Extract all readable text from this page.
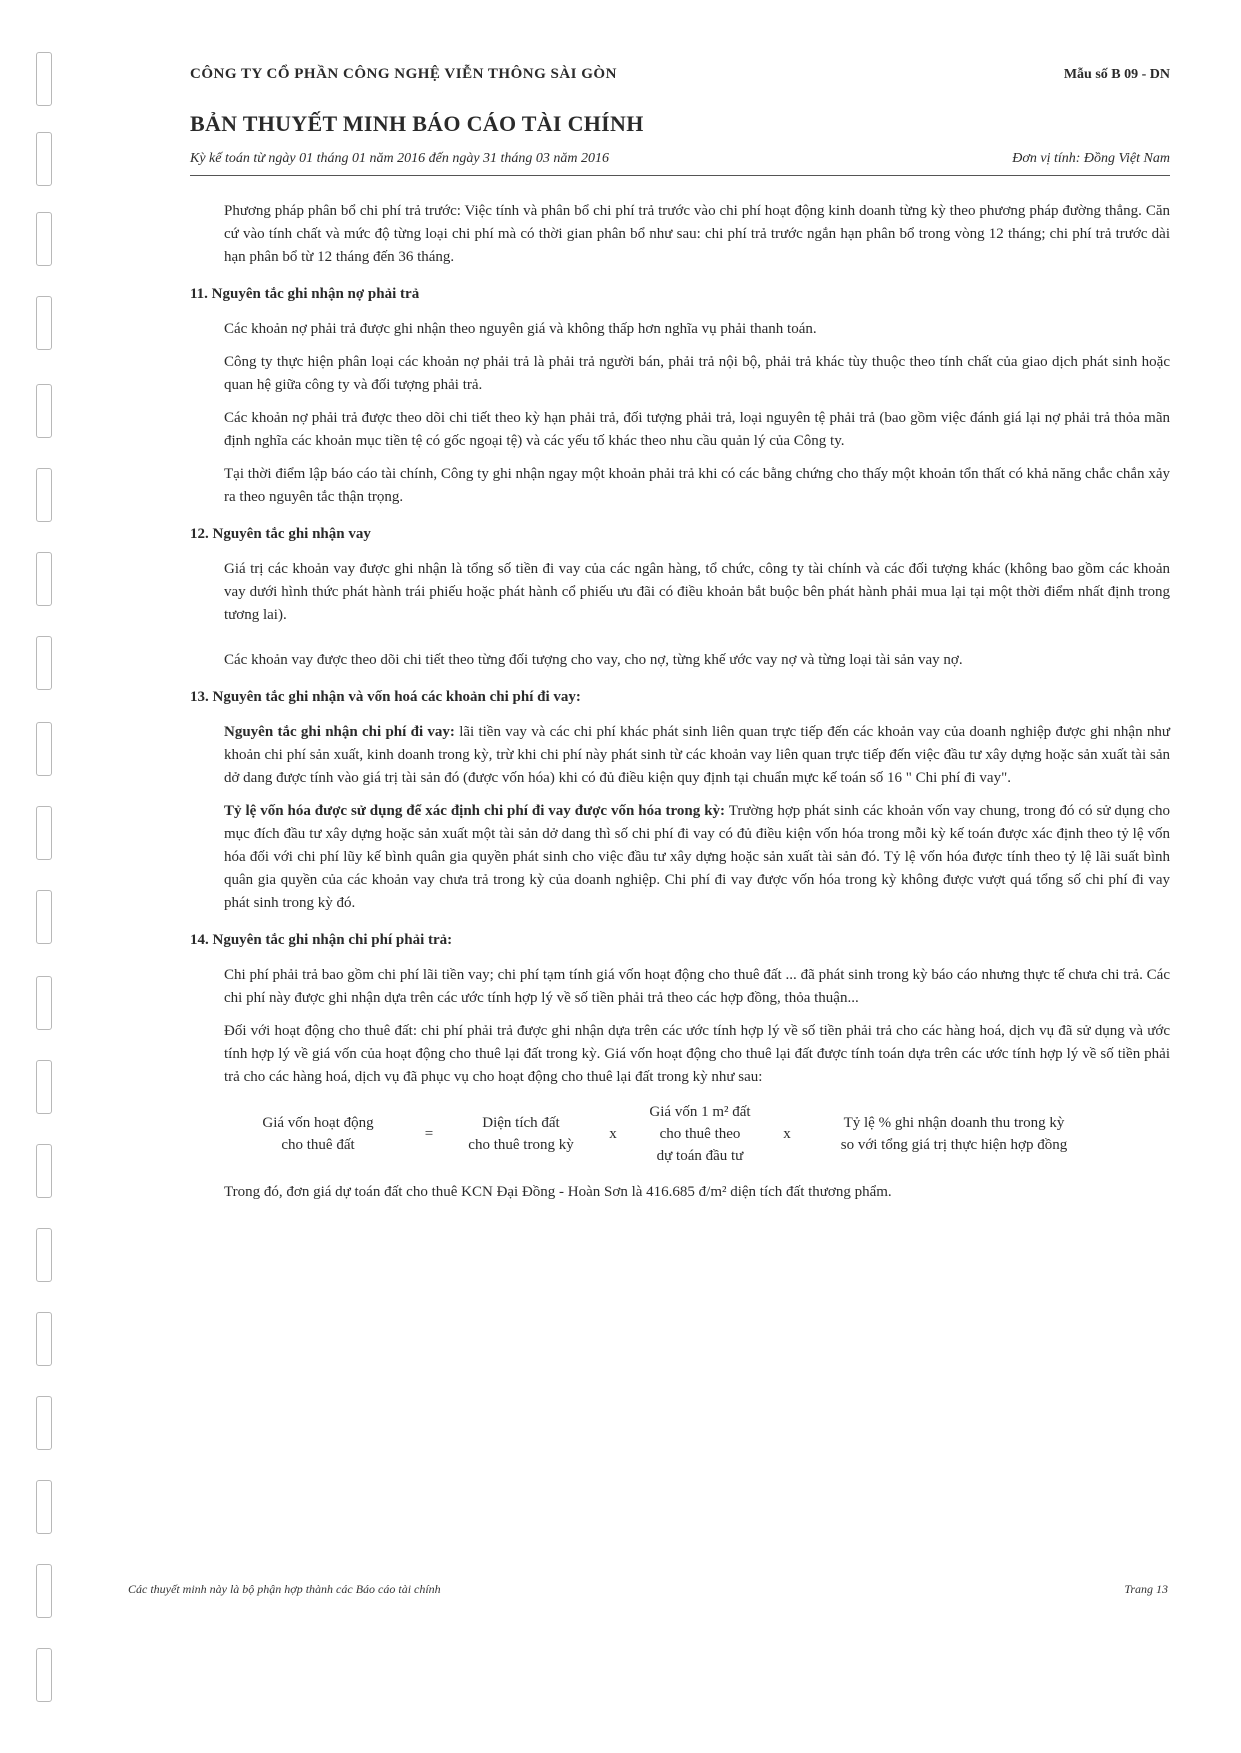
CÔNG TY CỔ PHẦN CÔNG NGHỆ VIỄN THÔNG SÀI GÒN	Mẫu số B 09 - DN
BẢN THUYẾT MINH BÁO CÁO TÀI CHÍNH
Kỳ kế toán từ ngày 01 tháng 01 năm 2016 đến ngày 31 tháng 03 năm 2016	Đơn vị tính: Đồng Việt Nam

Phương pháp phân bổ chi phí trả trước: Việc tính và phân bổ chi phí trả trước vào chi phí hoạt động kinh doanh từng kỳ theo phương pháp đường thẳng. Căn cứ vào tính chất và mức độ từng loại chi phí mà có thời gian phân bổ như sau: chi phí trả trước ngắn hạn phân bổ trong vòng 12 tháng; chi phí trả trước dài hạn phân bổ từ 12 tháng đến 36 tháng.

11. Nguyên tắc ghi nhận nợ phải trả

Các khoản nợ phải trả được ghi nhận theo nguyên giá và không thấp hơn nghĩa vụ phải thanh toán.

Công ty thực hiện phân loại các khoản nợ phải trả là phải trả người bán, phải trả nội bộ, phải trả khác tùy thuộc theo tính chất của giao dịch phát sinh hoặc quan hệ giữa công ty và đối tượng phải trả.

Các khoản nợ phải trả được theo dõi chi tiết theo kỳ hạn phải trả, đối tượng phải trả, loại nguyên tệ phải trả (bao gồm việc đánh giá lại nợ phải trả thỏa mãn định nghĩa các khoản mục tiền tệ có gốc ngoại tệ) và các yếu tố khác theo nhu cầu quản lý của Công ty.

Tại thời điểm lập báo cáo tài chính, Công ty ghi nhận ngay một khoản phải trả khi có các bằng chứng cho thấy một khoản tổn thất có khả năng chắc chắn xảy ra theo nguyên tắc thận trọng.

12. Nguyên tắc ghi nhận vay

Giá trị các khoản vay được ghi nhận là tổng số tiền đi vay của các ngân hàng, tổ chức, công ty tài chính và các đối tượng khác (không bao gồm các khoản vay dưới hình thức phát hành trái phiếu hoặc phát hành cổ phiếu ưu đãi có điều khoản bắt buộc bên phát hành phải mua lại tại một thời điểm nhất định trong tương lai).

Các khoản vay được theo dõi chi tiết theo từng đối tượng cho vay, cho nợ, từng khế ước vay nợ và từng loại tài sản vay nợ.

13. Nguyên tắc ghi nhận và vốn hoá các khoản chi phí đi vay:

Nguyên tắc ghi nhận chi phí đi vay: lãi tiền vay và các chi phí khác phát sinh liên quan trực tiếp đến các khoản vay của doanh nghiệp được ghi nhận như khoản chi phí sản xuất, kinh doanh trong kỳ, trừ khi chi phí này phát sinh từ các khoản vay liên quan trực tiếp đến việc đầu tư xây dựng hoặc sản xuất tài sản dở dang được tính vào giá trị tài sản đó (được vốn hóa) khi có đủ điều kiện quy định tại chuẩn mực kế toán số 16 " Chi phí đi vay".

Tỷ lệ vốn hóa được sử dụng để xác định chi phí đi vay được vốn hóa trong kỳ: Trường hợp phát sinh các khoản vốn vay chung, trong đó có sử dụng cho mục đích đầu tư xây dựng hoặc sản xuất một tài sản dở dang thì số chi phí đi vay có đủ điều kiện vốn hóa trong mỗi kỳ kế toán được xác định theo tỷ lệ vốn hóa đối với chi phí lũy kế bình quân gia quyền phát sinh cho việc đầu tư xây dựng hoặc sản xuất tài sản đó. Tỷ lệ vốn hóa được tính theo tỷ lệ lãi suất bình quân gia quyền của các khoản vay chưa trả trong kỳ của doanh nghiệp. Chi phí đi vay được vốn hóa trong kỳ không được vượt quá tổng số chi phí đi vay phát sinh trong kỳ đó.

14. Nguyên tắc ghi nhận chi phí phải trả:

Chi phí phải trả bao gồm chi phí lãi tiền vay; chi phí tạm tính giá vốn hoạt động cho thuê đất ... đã phát sinh trong kỳ báo cáo nhưng thực tế chưa chi trả. Các chi phí này được ghi nhận dựa trên các ước tính hợp lý về số tiền phải trả theo các hợp đồng, thỏa thuận...

Đối với hoạt động cho thuê đất: chi phí phải trả được ghi nhận dựa trên các ước tính hợp lý về số tiền phải trả cho các hàng hoá, dịch vụ đã sử dụng và ước tính hợp lý về giá vốn của hoạt động cho thuê lại đất trong kỳ. Giá vốn hoạt động cho thuê lại đất được tính toán dựa trên các ước tính hợp lý về số tiền phải trả cho các hàng hoá, dịch vụ đã phục vụ cho hoạt động cho thuê lại đất trong kỳ như sau:

Giá vốn hoạt động
cho thuê đất
=
Diện tích đất
cho thuê trong kỳ
x
Giá vốn 1 m² đất
cho thuê theo
dự toán đầu tư
x
Tỷ lệ % ghi nhận doanh thu trong kỳ
so với tổng giá trị thực hiện hợp đồng

Trong đó, đơn giá dự toán đất cho thuê KCN Đại Đồng - Hoàn Sơn là 416.685 đ/m² diện tích đất thương phẩm.

Các thuyết minh này là bộ phận hợp thành các Báo cáo tài chính	Trang 13
